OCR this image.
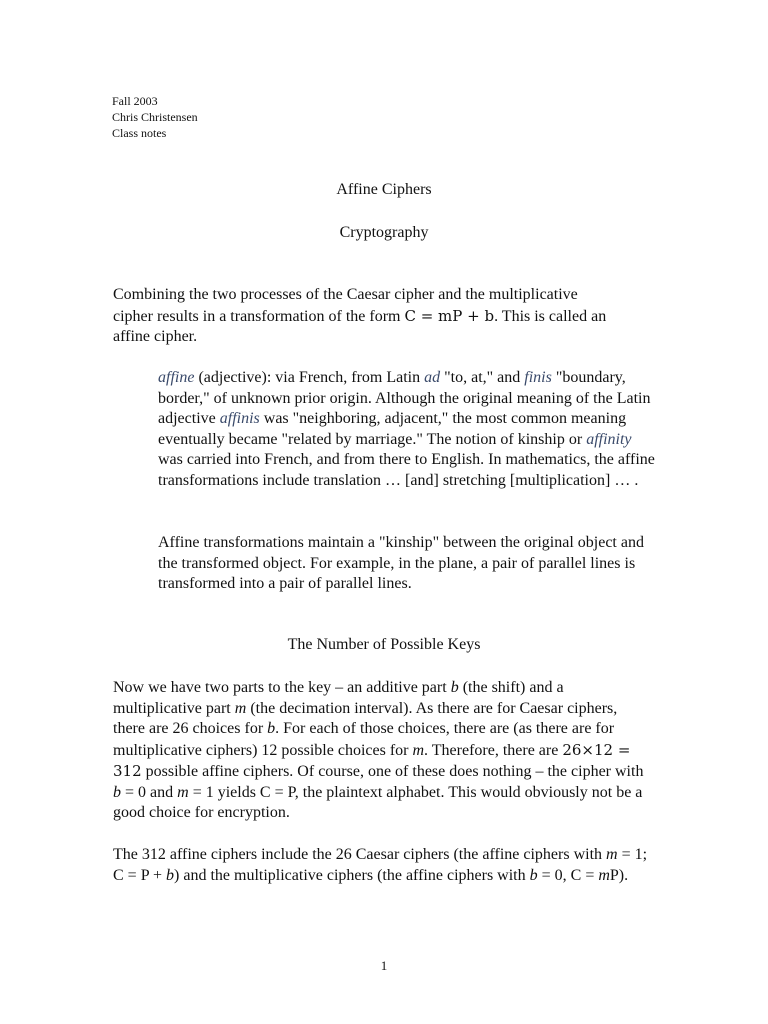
Fall 2003
Chris Christensen
Class notes
Affine Ciphers
Cryptography
Combining the two processes of the Caesar cipher and the multiplicative
cipher results in a transformation of the form C = mP + b. This is called an
affine cipher.
affine (adjective): via French, from Latin ad "to, at," and finis "boundary, border," of unknown prior origin. Although the original meaning of the Latin adjective affinis was "neighboring, adjacent," the most common meaning eventually became "related by marriage." The notion of kinship or affinity was carried into French, and from there to English. In mathematics, the affine transformations include translation … [and] stretching [multiplication] … .
Affine transformations maintain a "kinship" between the original object and the transformed object. For example, in the plane, a pair of parallel lines is transformed into a pair of parallel lines.
The Number of Possible Keys
Now we have two parts to the key – an additive part b (the shift) and a multiplicative part m (the decimation interval). As there are for Caesar ciphers, there are 26 choices for b. For each of those choices, there are (as there are for multiplicative ciphers) 12 possible choices for m. Therefore, there are 26×12 = 312 possible affine ciphers. Of course, one of these does nothing – the cipher with b = 0 and m = 1 yields C = P, the plaintext alphabet. This would obviously not be a good choice for encryption.
The 312 affine ciphers include the 26 Caesar ciphers (the affine ciphers with m = 1; C = P + b) and the multiplicative ciphers (the affine ciphers with b = 0, C = mP).
1
